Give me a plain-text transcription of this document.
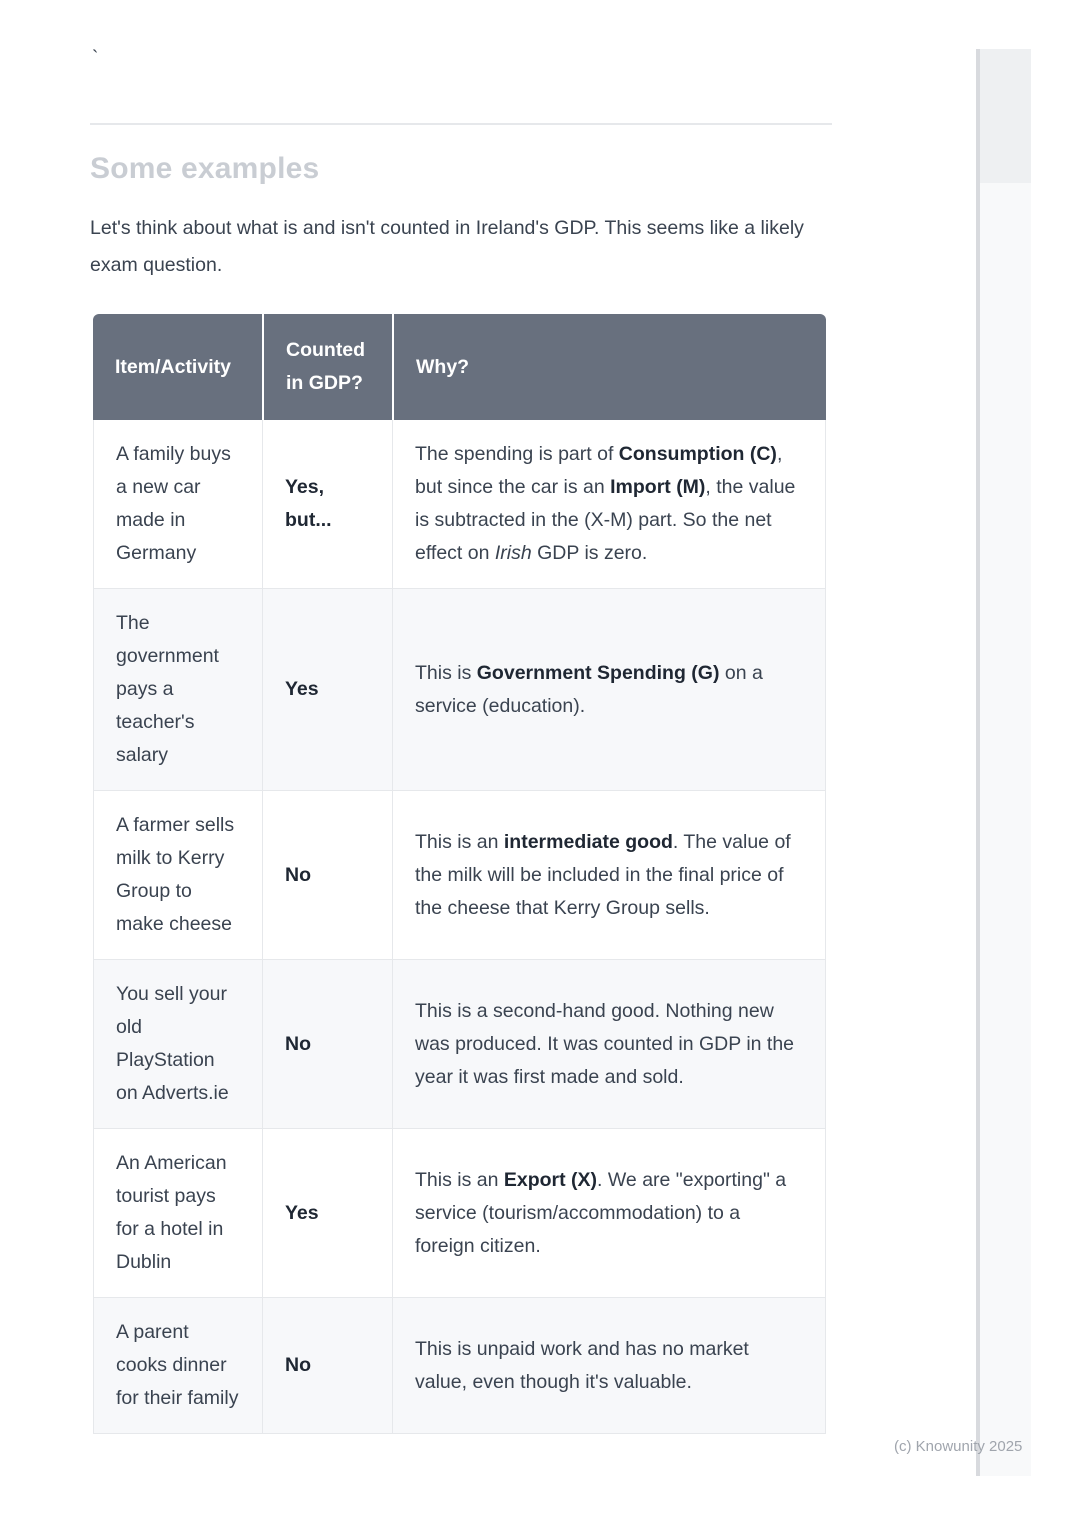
`
Some examples

Let's think about what is and isn't counted in Ireland's GDP. This seems like a likely exam question.

Item/Activity	Counted in GDP?	Why?
A family buys a new car made in Germany	Yes, but...	The spending is part of Consumption (C), but since the car is an Import (M), the value is subtracted in the (X-M) part. So the net effect on Irish GDP is zero.
The government pays a teacher's salary	Yes	This is Government Spending (G) on a service (education).
A farmer sells milk to Kerry Group to make cheese	No	This is an intermediate good. The value of the milk will be included in the final price of the cheese that Kerry Group sells.
You sell your old PlayStation on Adverts.ie	No	This is a second-hand good. Nothing new was produced. It was counted in GDP in the year it was first made and sold.
An American tourist pays for a hotel in Dublin	Yes	This is an Export (X). We are "exporting" a service (tourism/accommodation) to a foreign citizen.
A parent cooks dinner for their family	No	This is unpaid work and has no market value, even though it's valuable.
(c) Knowunity 2025
